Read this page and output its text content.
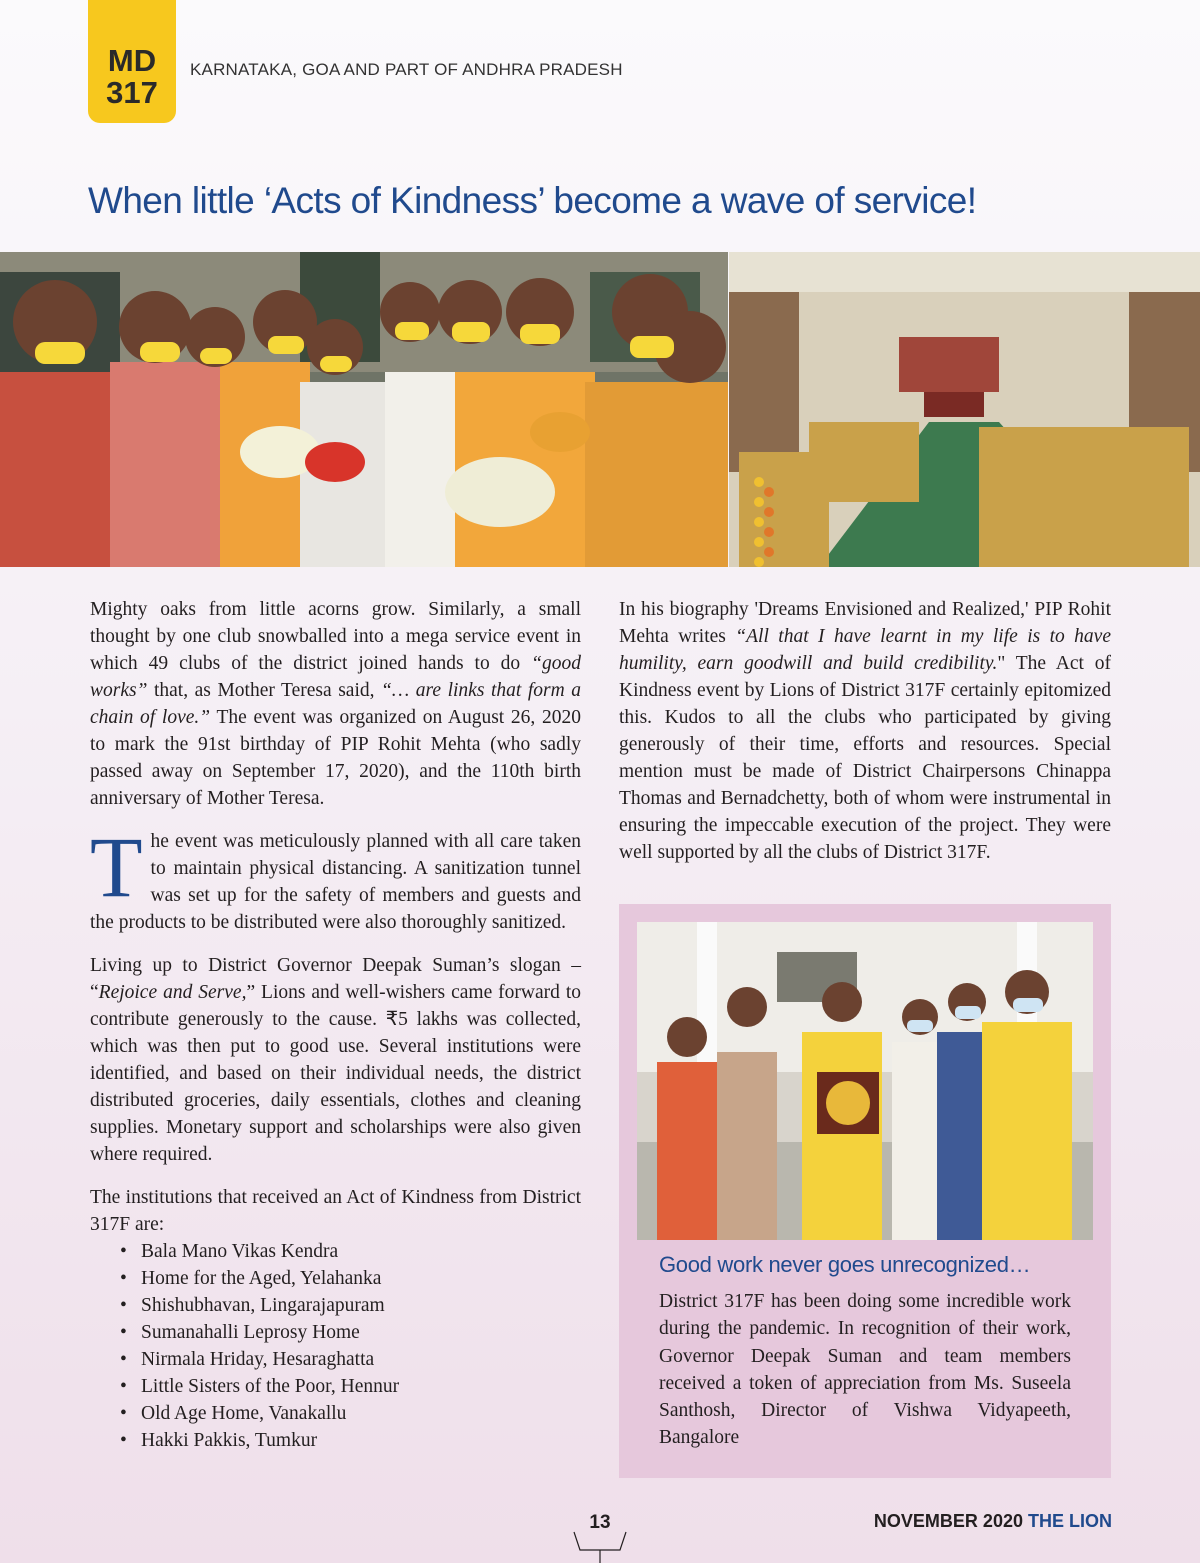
MD
317
KARNATAKA, GOA AND PART OF ANDHRA PRADESH
When little ‘Acts of Kindness’ become a wave of service!

Mighty oaks from little acorns grow. Similarly, a small thought by one club snowballed into a mega service event in which 49 clubs of the district joined hands to do “good works” that, as Mother Teresa said, “… are links that form a chain of love.” The event was organized on August 26, 2020 to mark the 91st birthday of PIP Rohit Mehta (who sadly passed away on September 17, 2020), and the 110th birth anniversary of Mother Teresa.

The event was meticulously planned with all care taken to maintain physical distancing. A sanitization tunnel was set up for the safety of members and guests and the products to be distributed were also thoroughly sanitized.

Living up to District Governor Deepak Suman’s slogan – “Rejoice and Serve,” Lions and well-wishers came forward to contribute generously to the cause. ₹5 lakhs was collected, which was then put to good use. Several institutions were identified, and based on their individual needs, the district distributed groceries, daily essentials, clothes and cleaning supplies. Monetary support and scholarships were also given where required.

The institutions that received an Act of Kindness from District 317F are:

• Bala Mano Vikas Kendra
• Home for the Aged, Yelahanka
• Shishubhavan, Lingarajapuram
• Sumanahalli Leprosy Home
• Nirmala Hriday, Hesaraghatta
• Little Sisters of the Poor, Hennur
• Old Age Home, Vanakallu
• Hakki Pakkis, Tumkur

In his biography 'Dreams Envisioned and Realized,' PIP Rohit Mehta writes “All that I have learnt in my life is to have humility, earn goodwill and build credibility." The Act of Kindness event by Lions of District 317F certainly epitomized this. Kudos to all the clubs who participated by giving generously of their time, efforts and resources. Special mention must be made of District Chairpersons Chinappa Thomas and Bernadchetty, both of whom were instrumental in ensuring the impeccable execution of the project. They were well supported by all the clubs of District 317F.

Good work never goes unrecognized…

District 317F has been doing some incredible work during the pandemic. In recognition of their work, Governor Deepak Suman and team members received a token of appreciation from Ms. Suseela Santhosh, Director of Vishwa Vidyapeeth, Bangalore

13	NOVEMBER 2020 THE LION
